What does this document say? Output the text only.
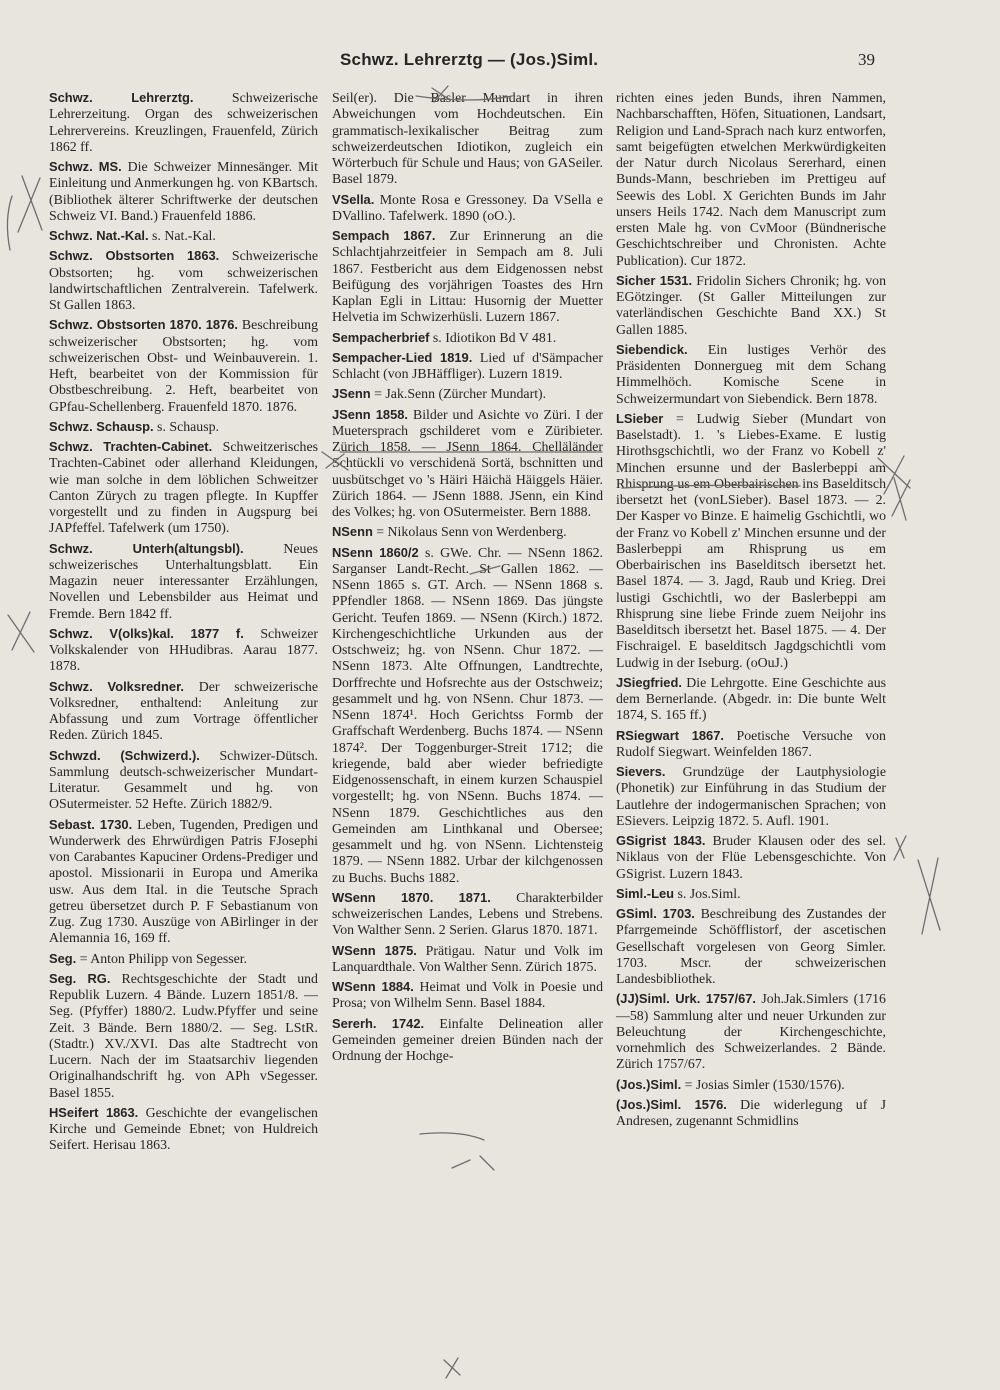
Schwz. Lehrerztg — (Jos.)Siml.	39

Schwz. Lehrerztg. Schweizerische Lehrerzeitung. Organ des schweizerischen Lehrervereins. Kreuzlingen, Frauenfeld, Zürich 1862 ff.

Schwz. MS. Die Schweizer Minnesänger. Mit Einleitung und Anmerkungen hg. von KBartsch. (Bibliothek älterer Schriftwerke der deutschen Schweiz VI. Band.) Frauenfeld 1886.

Schwz. Nat.-Kal. s. Nat.-Kal.

Schwz. Obstsorten 1863. Schweizerische Obstsorten; hg. vom schweizerischen landwirtschaftlichen Zentralverein. Tafelwerk. St Gallen 1863.

Schwz. Obstsorten 1870. 1876. Beschreibung schweizerischer Obstsorten; hg. vom schweizerischen Obst- und Weinbauverein. 1. Heft, bearbeitet von der Kommission für Obstbeschreibung. 2. Heft, bearbeitet von GPfau-Schellenberg. Frauenfeld 1870. 1876.

Schwz. Schausp. s. Schausp.

Schwz. Trachten-Cabinet. Schweitzerisches Trachten-Cabinet oder allerhand Kleidungen, wie man solche in dem löblichen Schweitzer Canton Zürych zu tragen pflegte. In Kupffer vorgestellt und zu finden in Augspurg bei JAPfeffel. Tafelwerk (um 1750).

Schwz. Unterh(altungsbl). Neues schweizerisches Unterhaltungsblatt. Ein Magazin neuer interessanter Erzählungen, Novellen und Lebensbilder aus Heimat und Fremde. Bern 1842 ff.

Schwz. V(olks)kal. 1877 f. Schweizer Volkskalender von HHudibras. Aarau 1877. 1878.

Schwz. Volksredner. Der schweizerische Volksredner, enthaltend: Anleitung zur Abfassung und zum Vortrage öffentlicher Reden. Zürich 1845.

Schwzd. (Schwizerd.). Schwizer-Dütsch. Sammlung deutsch-schweizerischer Mundart-Literatur. Gesammelt und hg. von OSutermeister. 52 Hefte. Zürich 1882/9.

Sebast. 1730. Leben, Tugenden, Predigen und Wunderwerk des Ehrwürdigen Patris FJosephi von Carabantes Kapuciner Ordens-Prediger und apostol. Missionarii in Europa und Amerika usw. Aus dem Ital. in die Teutsche Sprach getreu übersetzet durch P. F Sebastianum von Zug. Zug 1730. Auszüge von ABirlinger in der Alemannia 16, 169 ff.

Seg. = Anton Philipp von Segesser.

Seg. RG. Rechtsgeschichte der Stadt und Republik Luzern. 4 Bände. Luzern 1851/8. — Seg. (Pfyffer) 1880/2. Ludw.Pfyffer und seine Zeit. 3 Bände. Bern 1880/2. — Seg. LStR. (Stadtr.) XV./XVI. Das alte Stadtrecht von Lucern. Nach der im Staatsarchiv liegenden Originalhandschrift hg. von APh vSegesser. Basel 1855.

HSeifert 1863. Geschichte der evangelischen Kirche und Gemeinde Ebnet; von Huldreich Seifert. Herisau 1863.

Seil(er). Die Basler Mundart in ihren Abweichungen vom Hochdeutschen. Ein grammatisch-lexikalischer Beitrag zum schweizerdeutschen Idiotikon, zugleich ein Wörterbuch für Schule und Haus; von GASeiler. Basel 1879.

VSella. Monte Rosa e Gressoney. Da VSella e DVallino. Tafelwerk. 1890 (oO.).

Sempach 1867. Zur Erinnerung an die Schlachtjahrzeitfeier in Sempach am 8. Juli 1867. Festbericht aus dem Eidgenossen nebst Beifügung des vorjährigen Toastes des Hrn Kaplan Egli in Littau: Husornig der Muetter Helvetia im Schwizerhüsli. Luzern 1867.

Sempacherbrief s. Idiotikon Bd V 481.

Sempacher-Lied 1819. Lied uf d'Sämpacher Schlacht (von JBHäffliger). Luzern 1819.

JSenn = Jak.Senn (Zürcher Mundart).

JSenn 1858. Bilder und Asichte vo Züri. I der Muetersprach gschilderet vom e Züribieter. Zürich 1858. — JSenn 1864. Chelläländer Schtückli vo verschidenä Sortä, bschnitten und uusbütschget vo 's Häiri Häichä Häiggels Häier. Zürich 1864. — JSenn 1888. JSenn, ein Kind des Volkes; hg. von OSutermeister. Bern 1888.

NSenn = Nikolaus Senn von Werdenberg.

NSenn 1860/2 s. GWe. Chr. — NSenn 1862. Sarganser Landt-Recht. St Gallen 1862. — NSenn 1865 s. GT. Arch. — NSenn 1868 s. PPfendler 1868. — NSenn 1869. Das jüngste Gericht. Teufen 1869. — NSenn (Kirch.) 1872. Kirchengeschichtliche Urkunden aus der Ostschweiz; hg. von NSenn. Chur 1872. — NSenn 1873. Alte Offnungen, Landtrechte, Dorffrechte und Hofsrechte aus der Ostschweiz; gesammelt und hg. von NSenn. Chur 1873. — NSenn 1874¹. Hoch Gerichtss Formb der Graffschaft Werdenberg. Buchs 1874. — NSenn 1874². Der Toggenburger-Streit 1712; die kriegende, bald aber wieder befriedigte Eidgenossenschaft, in einem kurzen Schauspiel vorgestellt; hg. von NSenn. Buchs 1874. — NSenn 1879. Geschichtliches aus den Gemeinden am Linthkanal und Obersee; gesammelt und hg. von NSenn. Lichtensteig 1879. — NSenn 1882. Urbar der kilchgenossen zu Buchs. Buchs 1882.

WSenn 1870. 1871. Charakterbilder schweizerischen Landes, Lebens und Strebens. Von Walther Senn. 2 Serien. Glarus 1870. 1871.

WSenn 1875. Prätigau. Natur und Volk im Lanquardthale. Von Walther Senn. Zürich 1875.

WSenn 1884. Heimat und Volk in Poesie und Prosa; von Wilhelm Senn. Basel 1884.

Sererh. 1742. Einfalte Delineation aller Gemeinden gemeiner dreien Bünden nach der Ordnung der Hochge-

richten eines jeden Bunds, ihren Nammen, Nachbarschafften, Höfen, Situationen, Landsart, Religion und Land-Sprach nach kurz entworfen, samt beigefügten etwelchen Merkwürdigkeiten der Natur durch Nicolaus Sererhard, einen Bunds-Mann, beschrieben im Prettigeu auf Seewis des Lobl. X Gerichten Bunds im Jahr unsers Heils 1742. Nach dem Manuscript zum ersten Male hg. von CvMoor (Bündnerische Geschichtschreiber und Chronisten. Achte Publication). Cur 1872.

Sicher 1531. Fridolin Sichers Chronik; hg. von EGötzinger. (St Galler Mitteilungen zur vaterländischen Geschichte Band XX.) St Gallen 1885.

Siebendick. Ein lustiges Verhör des Präsidenten Donnergueg mit dem Schang Himmelhöch. Komische Scene in Schweizermundart von Siebendick. Bern 1878.

LSieber = Ludwig Sieber (Mundart von Baselstadt). 1. 's Liebes-Exame. E lustig Hirothsgschichtli, wo der Franz vo Kobell z' Minchen ersunne und der Baslerbeppi am Rhisprung us em Oberbairischen ins Baselditsch ibersetzt het (vonLSieber). Basel 1873. — 2. Der Kasper vo Binze. E haimelig Gschichtli, wo der Franz vo Kobell z' Minchen ersunne und der Baslerbeppi am Rhisprung us em Oberbairischen ins Baselditsch ibersetzt het. Basel 1874. — 3. Jagd, Raub und Krieg. Drei lustigi Gschichtli, wo der Baslerbeppi am Rhisprung sine liebe Frinde zuem Neijohr ins Baselditsch ibersetzt het. Basel 1875. — 4. Der Fischraigel. E baselditsch Jagdgschichtli vom Ludwig in der Iseburg. (oOuJ.)

JSiegfried. Die Lehrgotte. Eine Geschichte aus dem Bernerlande. (Abgedr. in: Die bunte Welt 1874, S. 165 ff.)

RSiegwart 1867. Poetische Versuche von Rudolf Siegwart. Weinfelden 1867.

Sievers. Grundzüge der Lautphysiologie (Phonetik) zur Einführung in das Studium der Lautlehre der indogermanischen Sprachen; von ESievers. Leipzig 1872. 5. Aufl. 1901.

GSigrist 1843. Bruder Klausen oder des sel. Niklaus von der Flüe Lebensgeschichte. Von GSigrist. Luzern 1843.

Siml.-Leu s. Jos.Siml.

GSiml. 1703. Beschreibung des Zustandes der Pfarrgemeinde Schöfflistorf, der ascetischen Gesellschaft vorgelesen von Georg Simler. 1703. Mscr. der schweizerischen Landesbibliothek.

(JJ)Siml. Urk. 1757/67. Joh.Jak.Simlers (1716—58) Sammlung alter und neuer Urkunden zur Beleuchtung der Kirchengeschichte, vornehmlich des Schweizerlandes. 2 Bände. Zürich 1757/67.

(Jos.)Siml. = Josias Simler (1530/1576).

(Jos.)Siml. 1576. Die widerlegung uf J Andresen, zugenannt Schmidlins
